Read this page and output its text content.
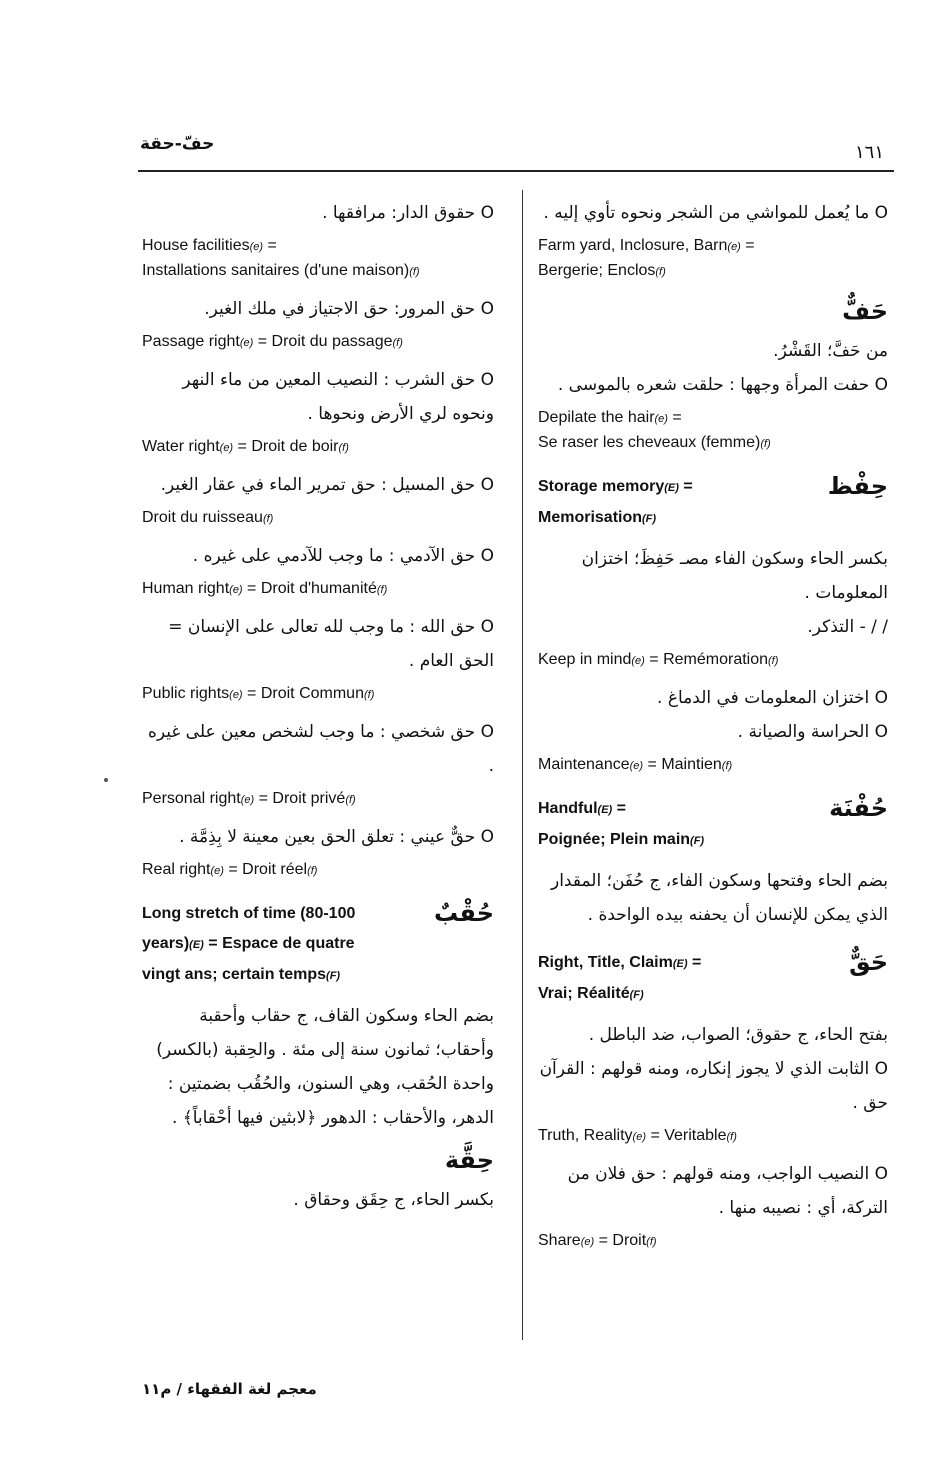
حفّ-حقة	١٦١

O ما يُعمل للمواشي من الشجر ونحوه تأوي إليه .

Farm yard, Inclosure, Barn(e) =
Bergerie; Enclos(f)

حَفٌّ

من حَفَّ؛ القَشْرُ.

O حفت المرأة وجهها : حلقت شعره بالموسى .

Depilate the hair(e) =
Se raser les cheveaux (femme)(f)

حِفْظ
Storage memory(E) =
Memorisation(F)

بكسر الحاء وسكون الفاء مصـ حَفِظَ؛ اختزان المعلومات .

/ / - التذكر.

Keep in mind(e) = Remémoration(f)

O اختزان المعلومات في الدماغ .

O الحراسة والصيانة .

Maintenance(e) = Maintien(f)

حُفْنَة
Handful(E) =
Poignée; Plein main(F)

بضم الحاء وفتحها وسكون الفاء، ج حُفَن؛ المقدار الذي يمكن للإنسان أن يحفنه بيده الواحدة .

حَقٌّ
Right, Title, Claim(E) =
Vrai; Réalité(F)

بفتح الحاء، ج حقوق؛ الصواب، ضد الباطل .

O الثابت الذي لا يجوز إنكاره، ومنه قولهم : القرآن حق .

Truth, Reality(e) = Veritable(f)

O النصيب الواجب، ومنه قولهم : حق فلان من التركة، أي : نصيبه منها .

Share(e) = Droit(f)

O حقوق الدار: مرافقها .

House facilities(e) =
Installations sanitaires (d'une maison)(f)

O حق المرور: حق الاجتياز في ملك الغير.

Passage right(e) = Droit du passage(f)

O حق الشرب : النصيب المعين من ماء النهر ونحوه لري الأرض ونحوها .

Water right(e) = Droit de boir(f)

O حق المسيل : حق تمرير الماء في عقار الغير.

Droit du ruisseau(f)

O حق الآدمي : ما وجب للآدمي على غيره .

Human right(e) = Droit d'humanité(f)

O حق الله : ما وجب لله تعالى على الإنسان = الحق العام .

Public rights(e) = Droit Commun(f)

O حق شخصي : ما وجب لشخص معين على غيره .

Personal right(e) = Droit privé(f)

O حقٌّ عيني : تعلق الحق بعين معينة لا بِذِمَّة .

Real right(e) = Droit réel(f)

حُقْبٌ
Long stretch of time (80-100
years)(E) = Espace de quatre
vingt ans; certain temps(F)

بضم الحاء وسكون القاف، ج حقاب وأحقبة وأحقاب؛ ثمانون سنة إلى مئة . والحِقبة (بالكسر) واحدة الحُقب، وهي السنون، والحُقُب بضمتين : الدهر، والأحقاب : الدهور ﴿لابثين فيها أحْقاباً﴾ .

حِقَّة

بكسر الحاء، ج حِقَق وحقاق .

معجم لغة الفقهاء / م١١
